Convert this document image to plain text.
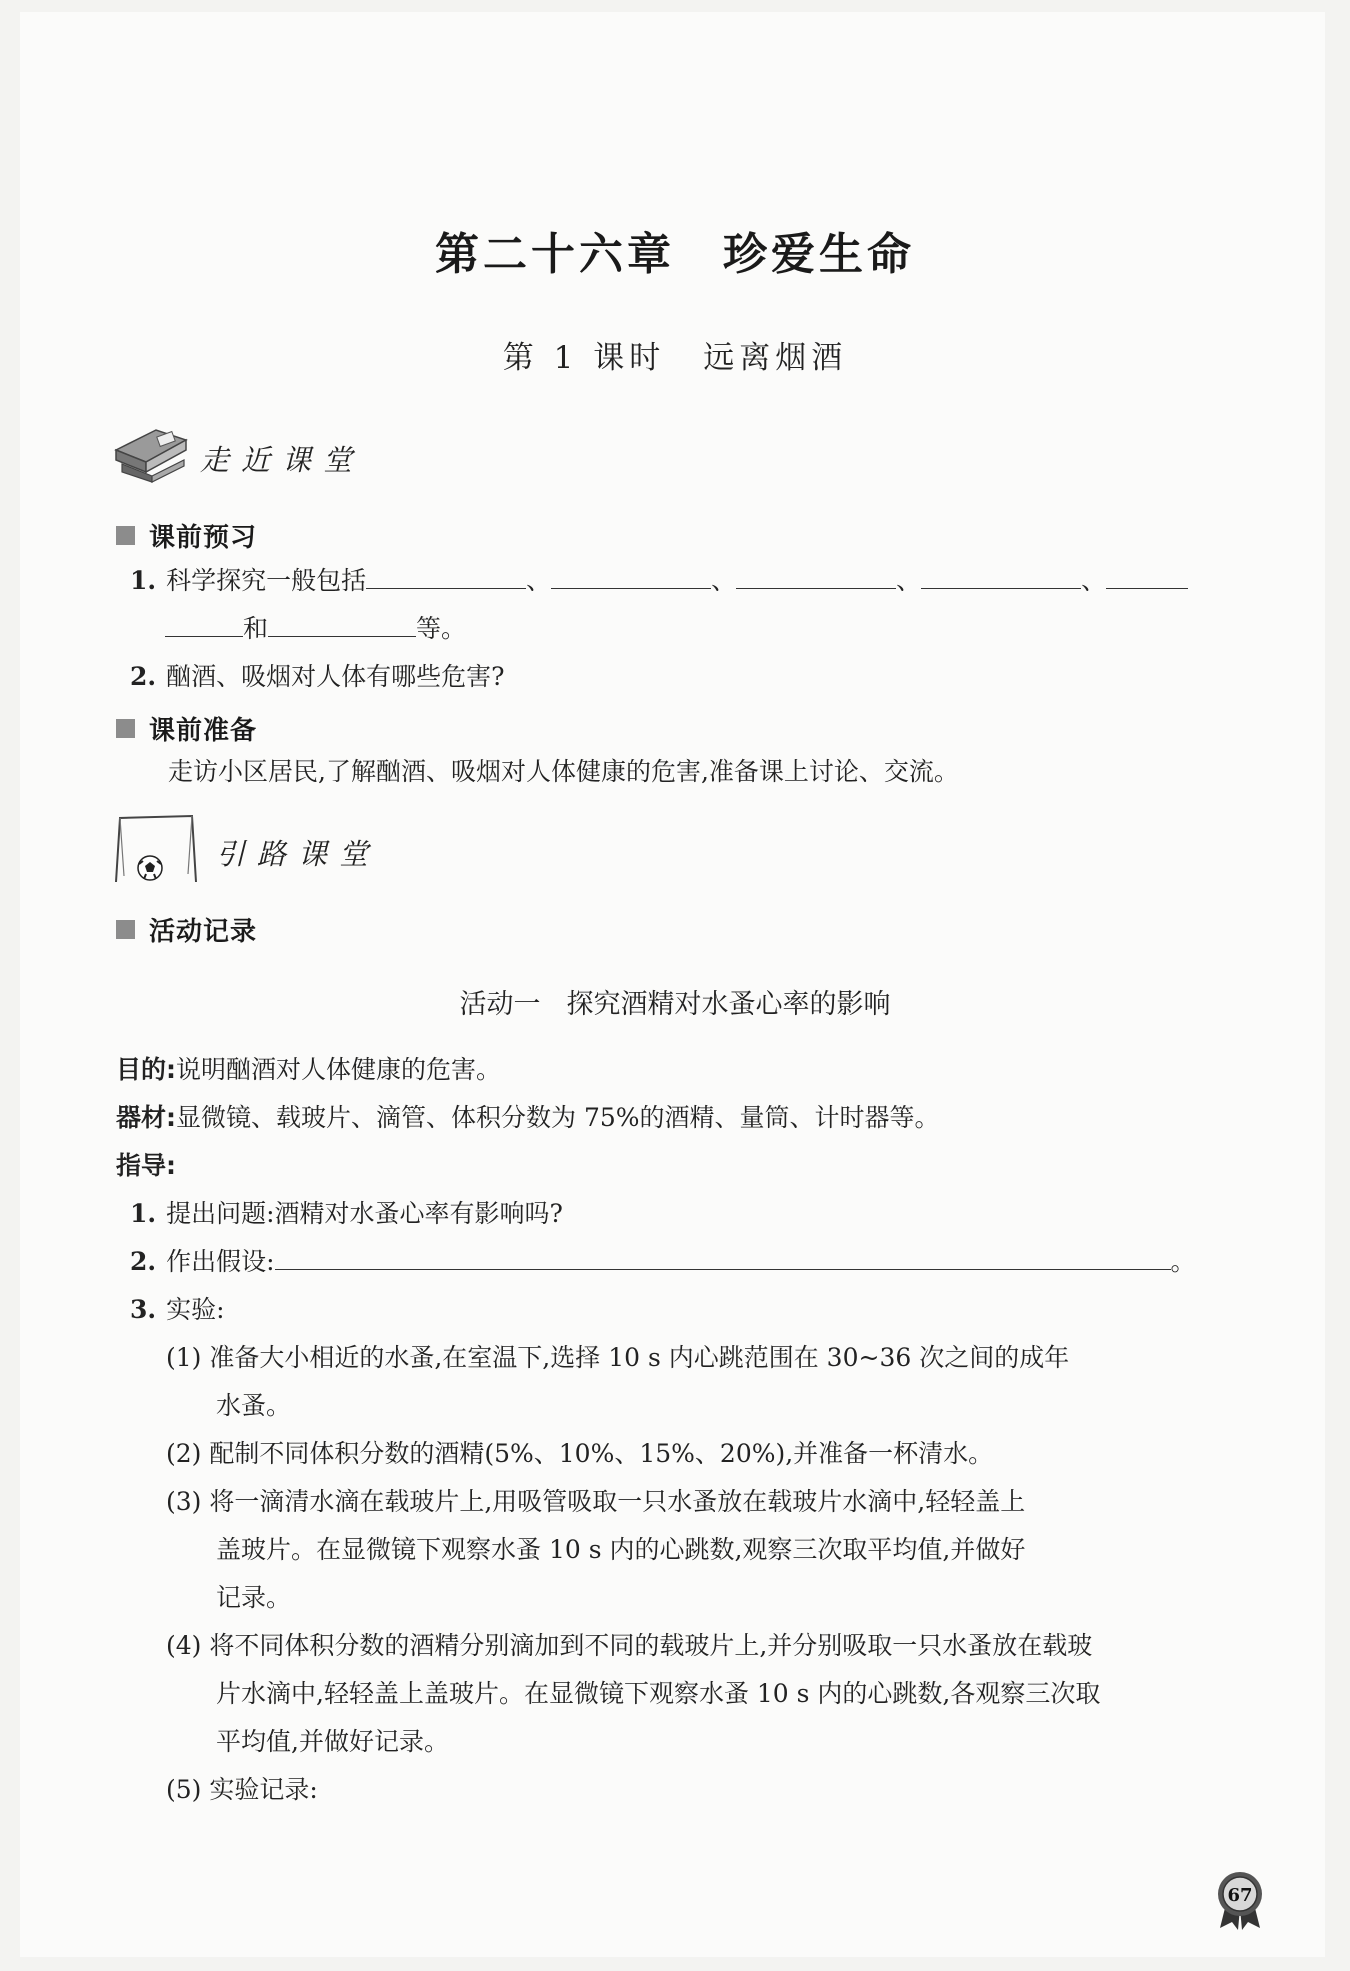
第二十六章 珍爱生命
第 1 课时 远离烟酒
走近课堂
课前预习
1. 科学探究一般包括	、	、	、	、
和	等。
2. 酗酒、吸烟对人体有哪些危害?
课前准备
走访小区居民,了解酗酒、吸烟对人体健康的危害,准备课上讨论、交流。
引路课堂
活动记录
活动一 探究酒精对水蚤心率的影响
目的:说明酗酒对人体健康的危害。
器材:显微镜、载玻片、滴管、体积分数为 75%的酒精、量筒、计时器等。
指导:
1. 提出问题:酒精对水蚤心率有影响吗?
2. 作出假设:	。
3. 实验:
(1) 准备大小相近的水蚤,在室温下,选择 10 s 内心跳范围在 30~36 次之间的成年
水蚤。
(2) 配制不同体积分数的酒精(5%、10%、15%、20%),并准备一杯清水。
(3) 将一滴清水滴在载玻片上,用吸管吸取一只水蚤放在载玻片水滴中,轻轻盖上
盖玻片。在显微镜下观察水蚤 10 s 内的心跳数,观察三次取平均值,并做好
记录。
(4) 将不同体积分数的酒精分别滴加到不同的载玻片上,并分别吸取一只水蚤放在载玻
片水滴中,轻轻盖上盖玻片。在显微镜下观察水蚤 10 s 内的心跳数,各观察三次取
平均值,并做好记录。
(5) 实验记录:
67
